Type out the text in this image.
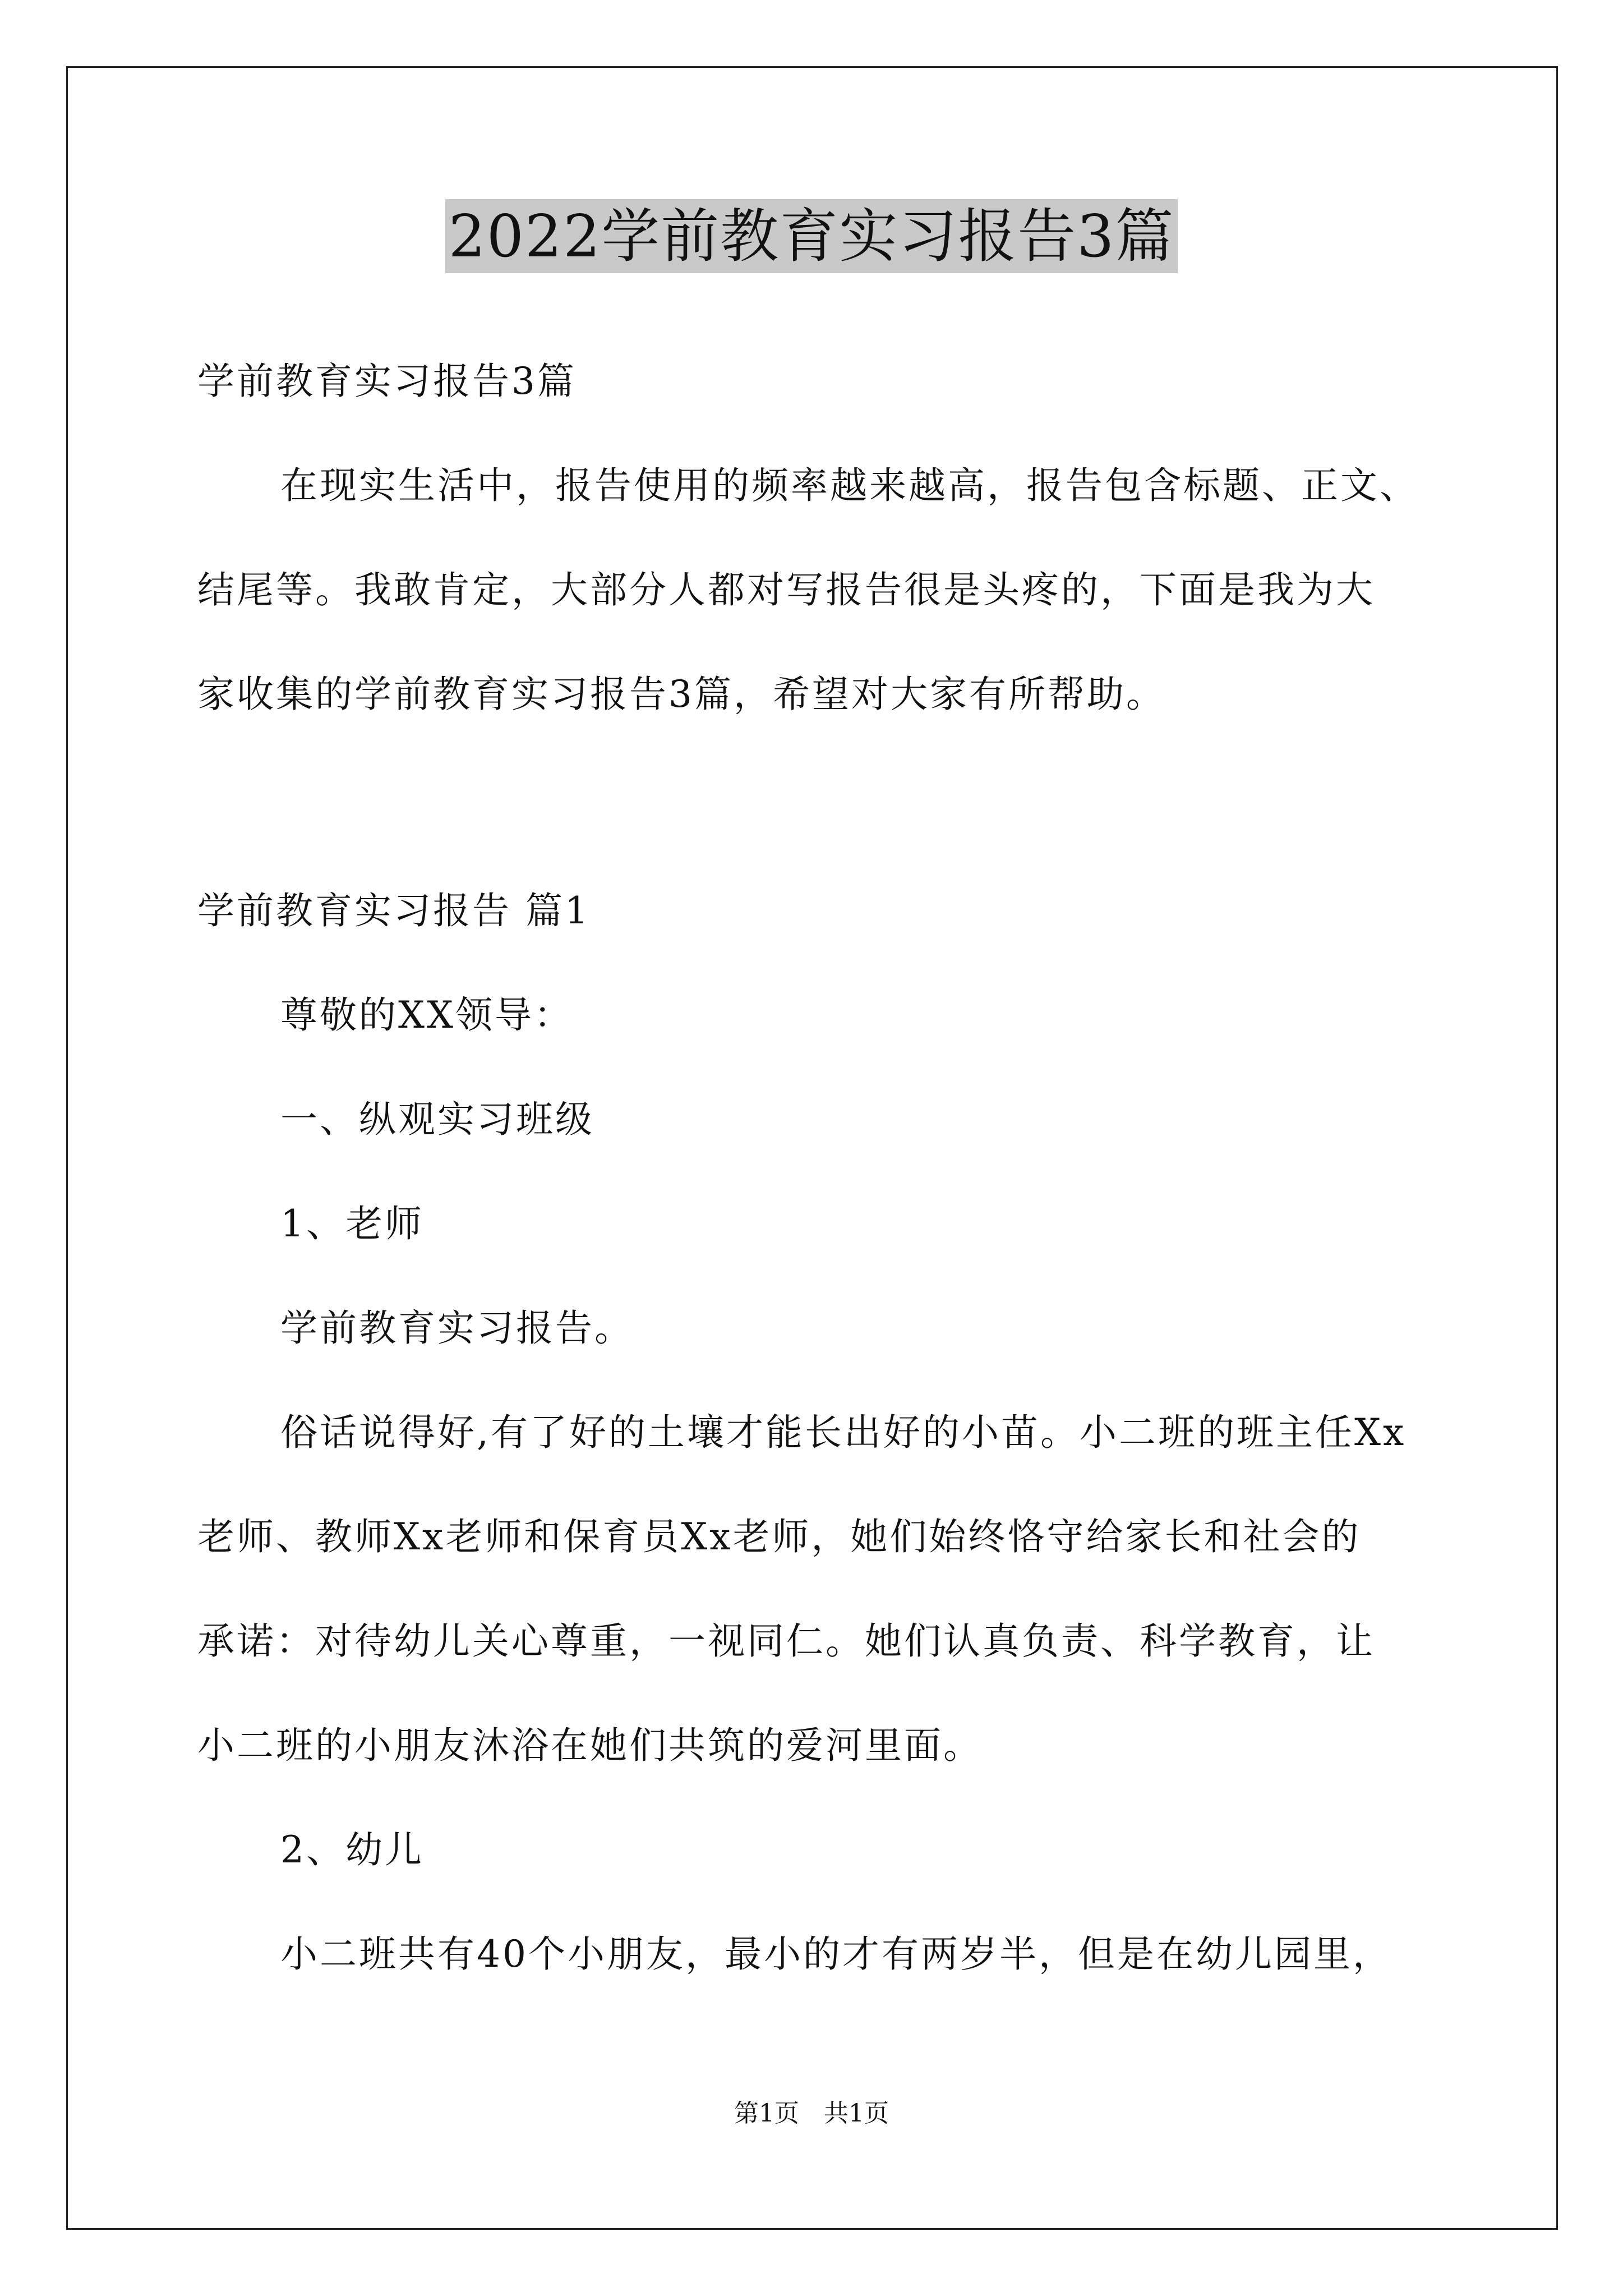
2022学前教育实习报告3篇
学前教育实习报告3篇
在现实生活中，报告使用的频率越来越高，报告包含标题、正文、
结尾等。我敢肯定，大部分人都对写报告很是头疼的，下面是我为大
家收集的学前教育实习报告3篇，希望对大家有所帮助。
学前教育实习报告 篇1
尊敬的XX领导：
一、纵观实习班级
1、老师
学前教育实习报告。
俗话说得好,有了好的土壤才能长出好的小苗。小二班的班主任Xx
老师、教师Xx老师和保育员Xx老师，她们始终恪守给家长和社会的
承诺：对待幼儿关心尊重，一视同仁。她们认真负责、科学教育，让
小二班的小朋友沐浴在她们共筑的爱河里面。
2、幼儿
小二班共有40个小朋友，最小的才有两岁半，但是在幼儿园里，
第1页　共1页
